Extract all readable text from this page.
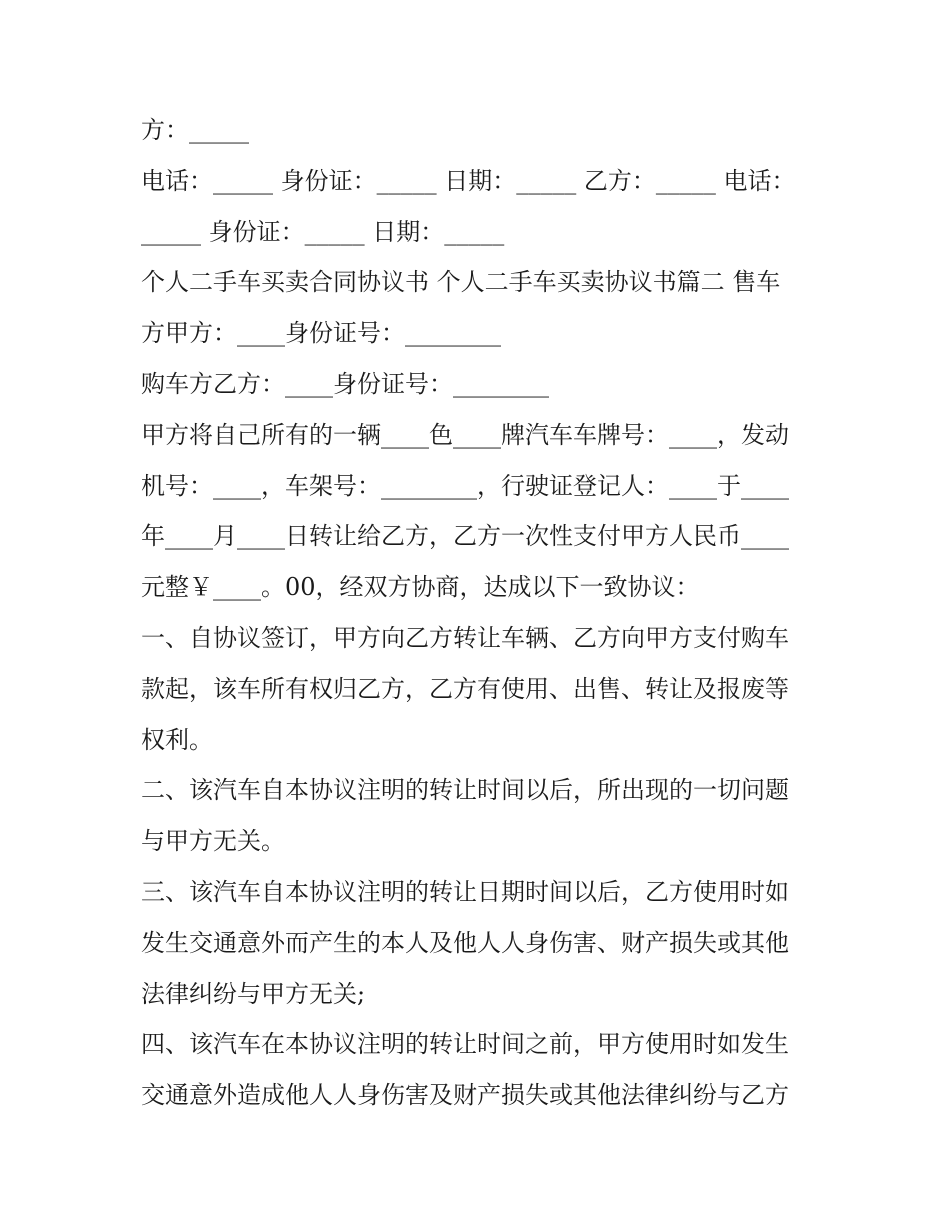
方：_____
电话：_____ 身份证：_____ 日期：_____ 乙方：_____ 电话：
_____ 身份证：_____ 日期：_____
个人二手车买卖合同协议书 个人二手车买卖协议书篇二 售车
方甲方：____身份证号：________
购车方乙方：____身份证号：________
甲方将自己所有的一辆____色____牌汽车车牌号：____，发动
机号：____，车架号：________，行驶证登记人：____于____
年____月____日转让给乙方，乙方一次性支付甲方人民币____
元整￥____。00，经双方协商，达成以下一致协议：
一、自协议签订，甲方向乙方转让车辆、乙方向甲方支付购车
款起，该车所有权归乙方，乙方有使用、出售、转让及报废等
权利。
二、该汽车自本协议注明的转让时间以后，所出现的一切问题
与甲方无关。
三、该汽车自本协议注明的转让日期时间以后，乙方使用时如
发生交通意外而产生的本人及他人人身伤害、财产损失或其他
法律纠纷与甲方无关;
四、该汽车在本协议注明的转让时间之前，甲方使用时如发生
交通意外造成他人人身伤害及财产损失或其他法律纠纷与乙方
